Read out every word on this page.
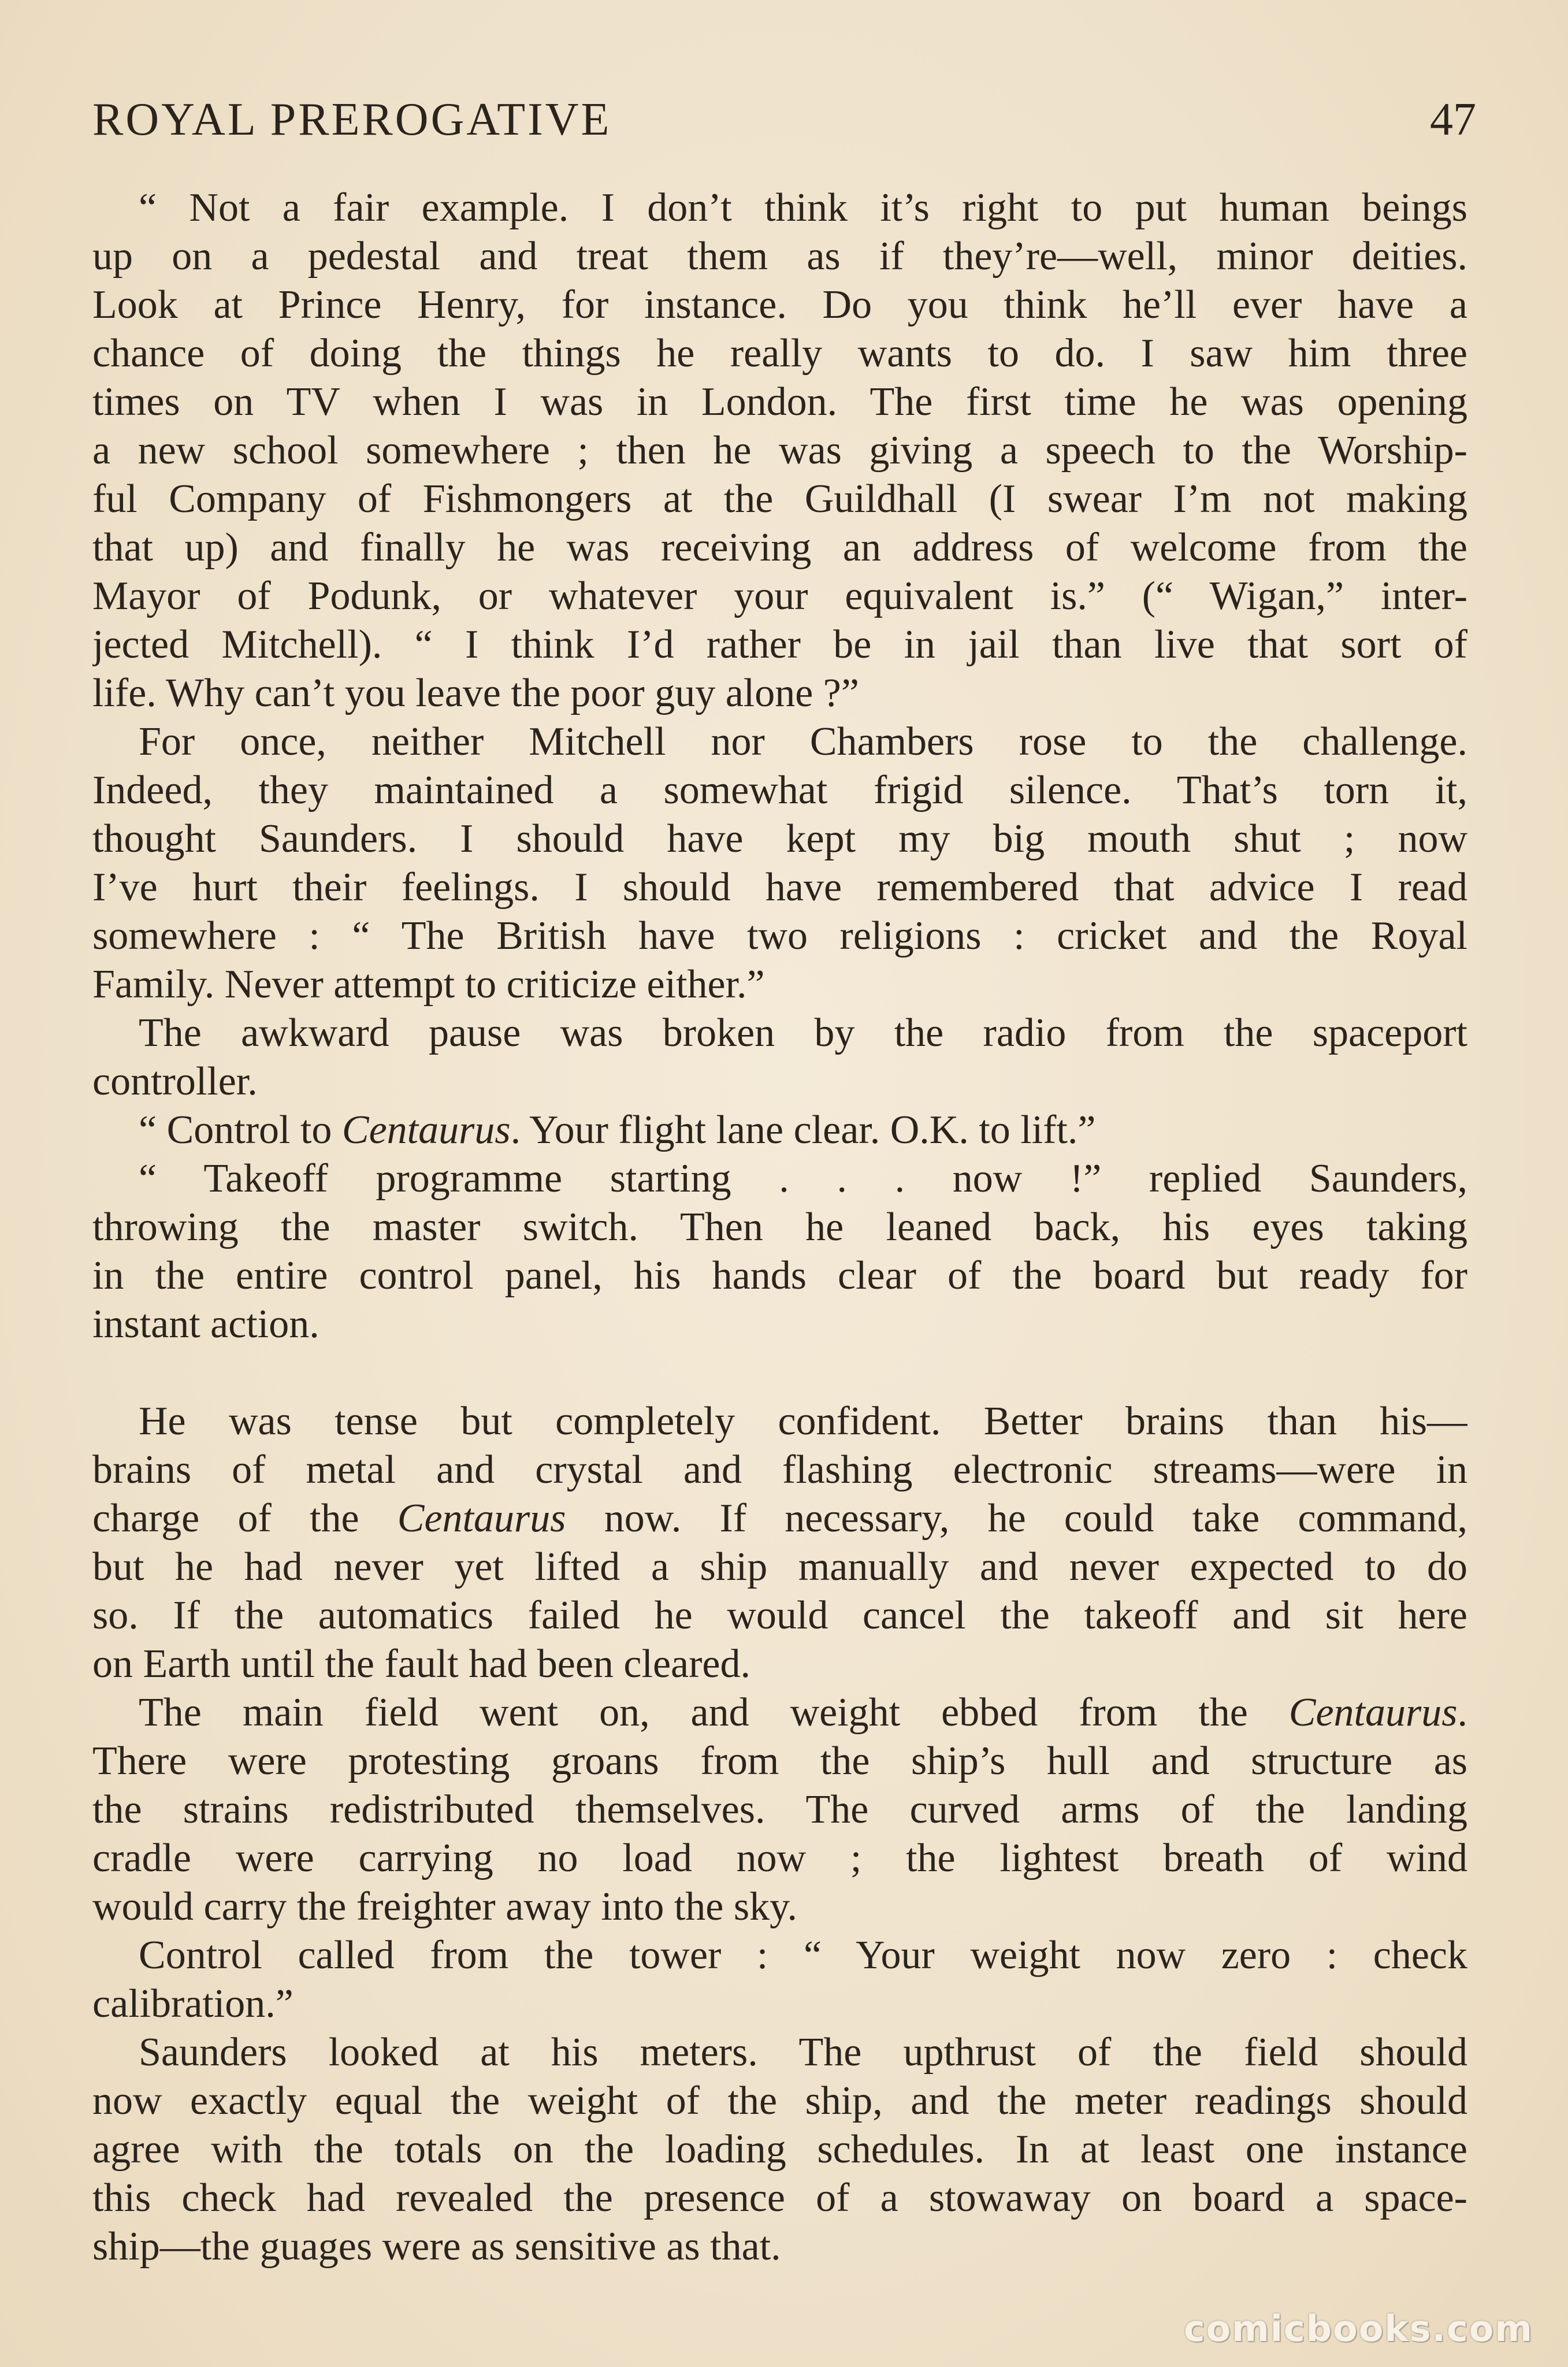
ROYAL PREROGATIVE	47
“ Not a fair example. I don’t think it’s right to put human beings
up on a pedestal and treat them as if they’re—well, minor deities.
Look at Prince Henry, for instance. Do you think he’ll ever have a
chance of doing the things he really wants to do. I saw him three
times on TV when I was in London. The first time he was opening
a new school somewhere ; then he was giving a speech to the Worship-
ful Company of Fishmongers at the Guildhall (I swear I’m not making
that up) and finally he was receiving an address of welcome from the
Mayor of Podunk, or whatever your equivalent is.” (“ Wigan,” inter-
jected Mitchell). “ I think I’d rather be in jail than live that sort of
life. Why can’t you leave the poor guy alone ?”
For once, neither Mitchell nor Chambers rose to the challenge.
Indeed, they maintained a somewhat frigid silence. That’s torn it,
thought Saunders. I should have kept my big mouth shut ; now
I’ve hurt their feelings. I should have remembered that advice I read
somewhere : “ The British have two religions : cricket and the Royal
Family. Never attempt to criticize either.”
The awkward pause was broken by the radio from the spaceport
controller.
“ Control to Centaurus. Your flight lane clear. O.K. to lift.”
“ Takeoff programme starting . . . now !” replied Saunders,
throwing the master switch. Then he leaned back, his eyes taking
in the entire control panel, his hands clear of the board but ready for
instant action.
He was tense but completely confident. Better brains than his—
brains of metal and crystal and flashing electronic streams—were in
charge of the Centaurus now. If necessary, he could take command,
but he had never yet lifted a ship manually and never expected to do
so. If the automatics failed he would cancel the takeoff and sit here
on Earth until the fault had been cleared.
The main field went on, and weight ebbed from the Centaurus.
There were protesting groans from the ship’s hull and structure as
the strains redistributed themselves. The curved arms of the landing
cradle were carrying no load now ; the lightest breath of wind
would carry the freighter away into the sky.
Control called from the tower : “ Your weight now zero : check
calibration.”
Saunders looked at his meters. The upthrust of the field should
now exactly equal the weight of the ship, and the meter readings should
agree with the totals on the loading schedules. In at least one instance
this check had revealed the presence of a stowaway on board a space-
ship—the guages were as sensitive as that.
comicbooks.com
